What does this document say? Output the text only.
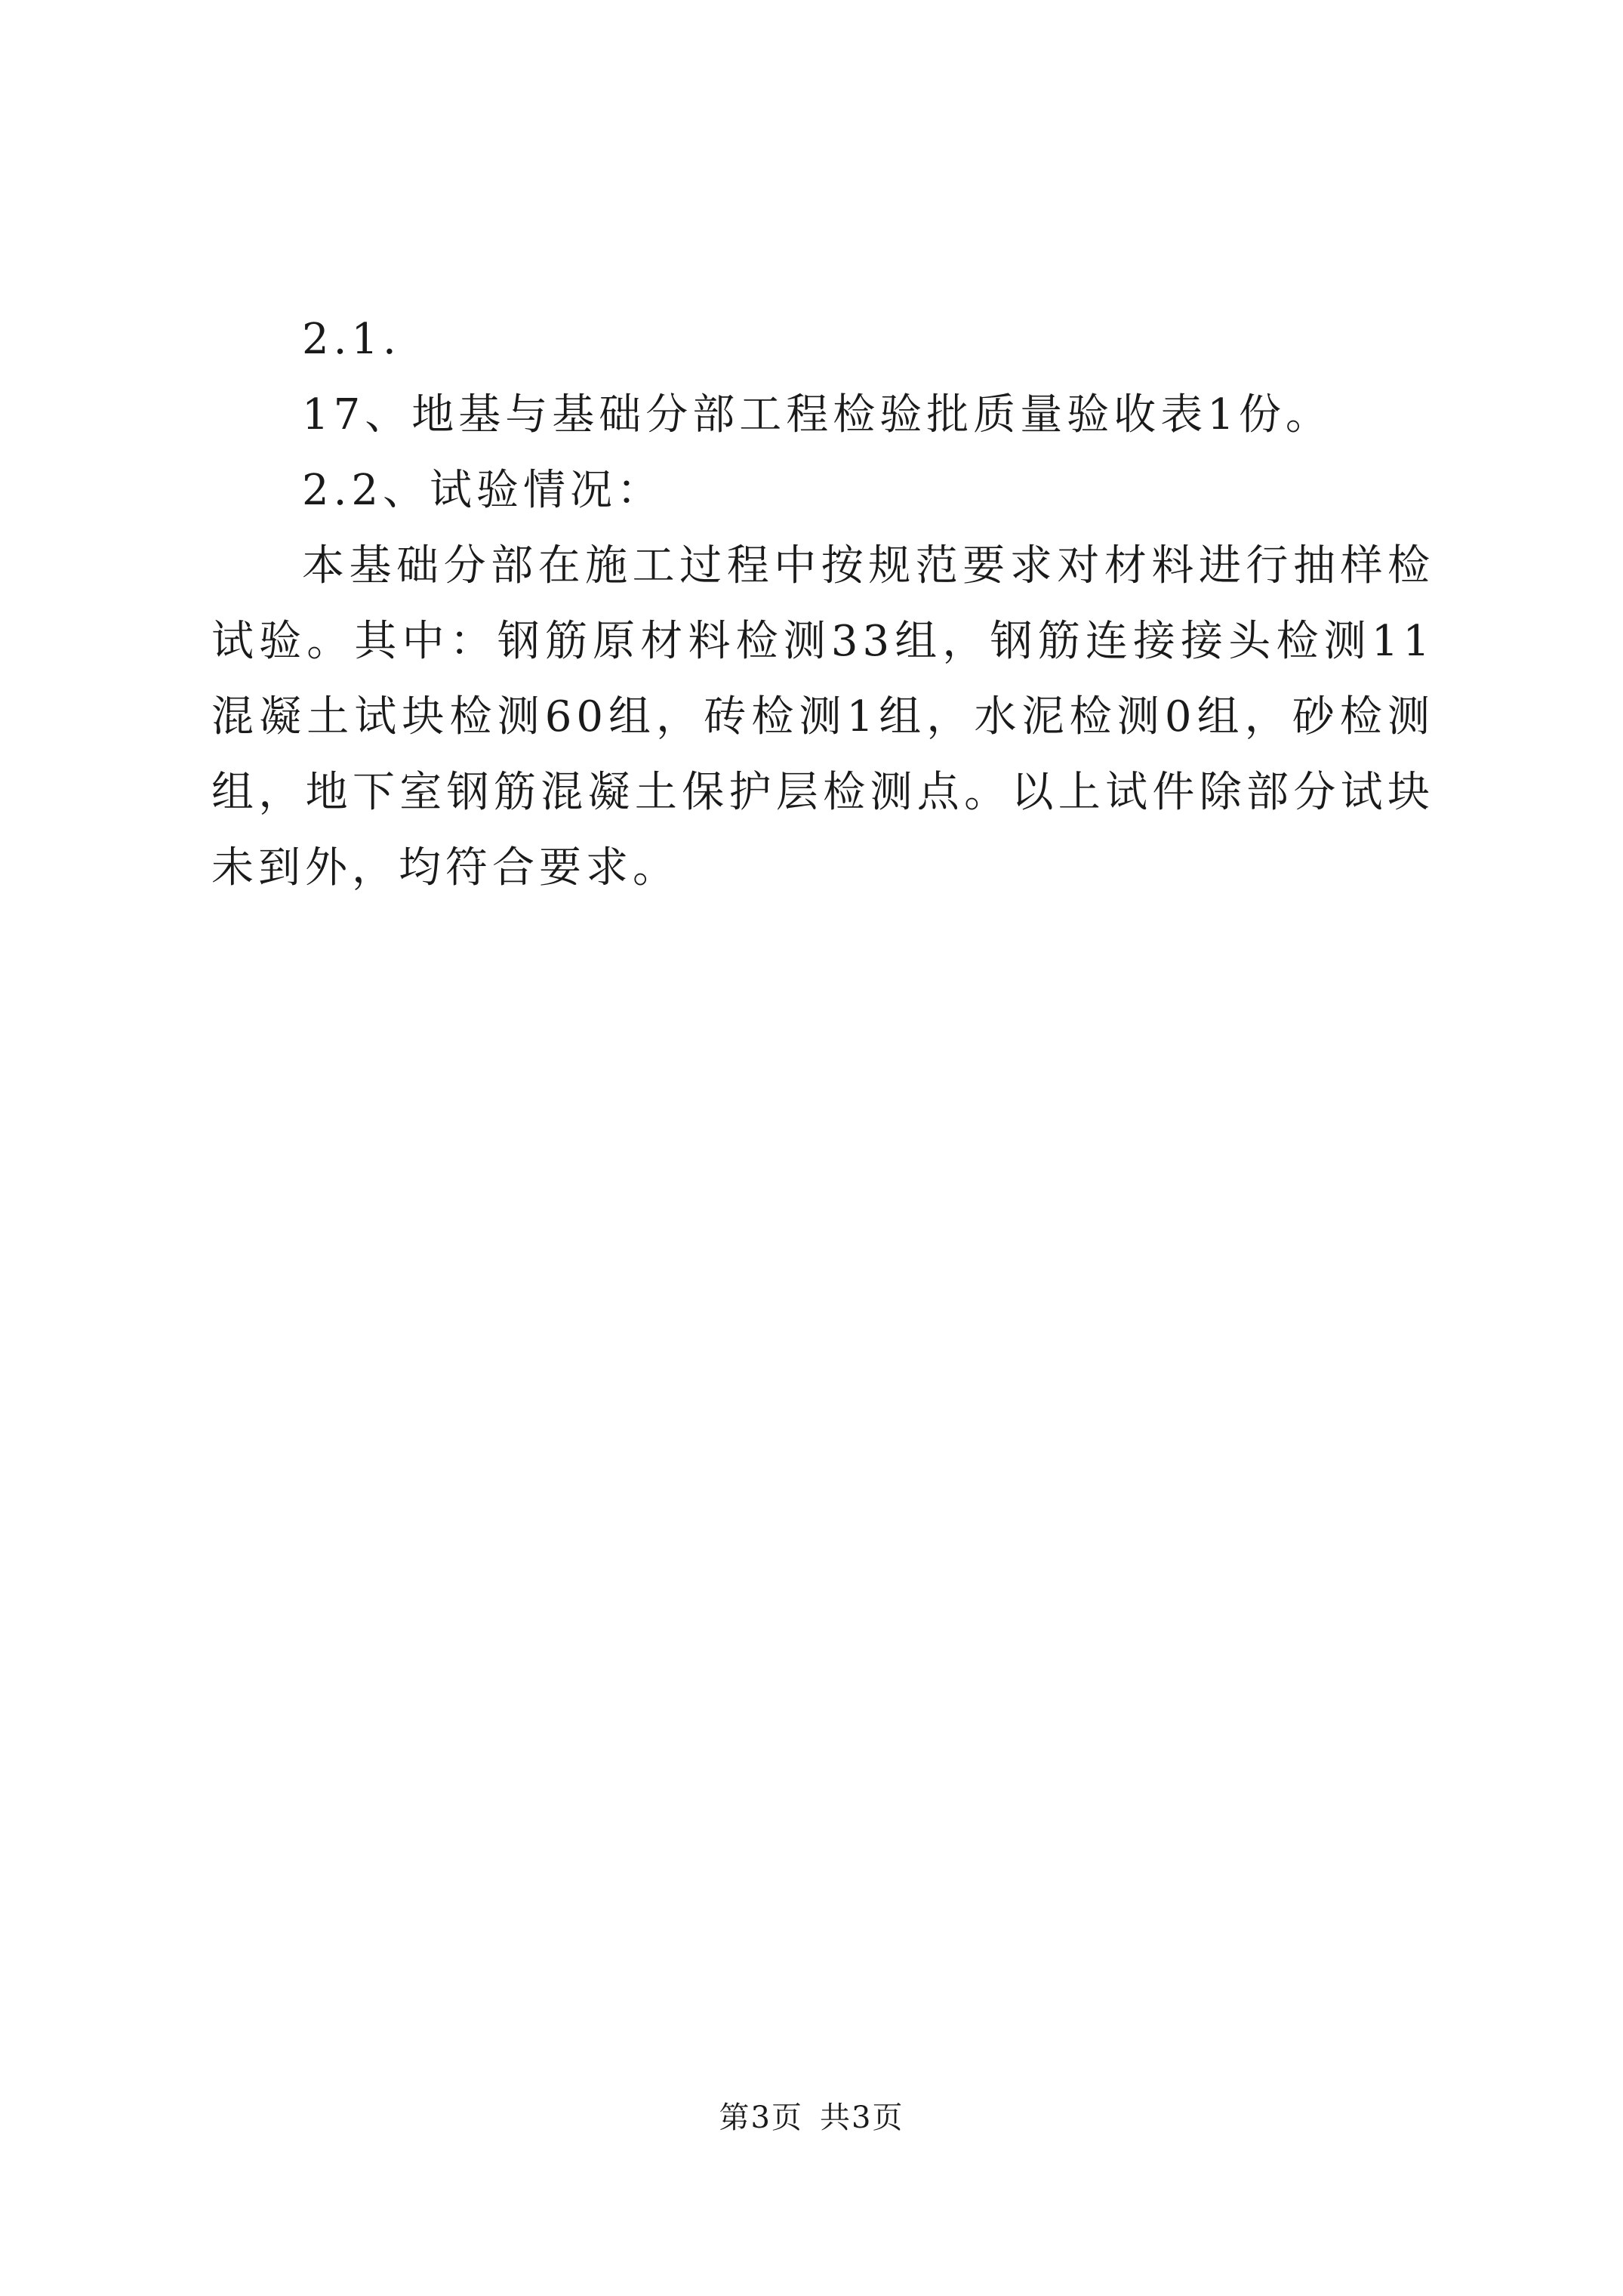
2.1.
17、地基与基础分部工程检验批质量验收表1份。
2.2、试验情况：
本基础分部在施工过程中按规范要求对材料进行抽样检
试验。其中：钢筋原材料检测33组，钢筋连接接头检测11
混凝土试块检测60组，砖检测1组，水泥检测0组，砂检测
组，地下室钢筋混凝土保护层检测点。以上试件除部分试块
未到外，均符合要求。
第3页 共3页
